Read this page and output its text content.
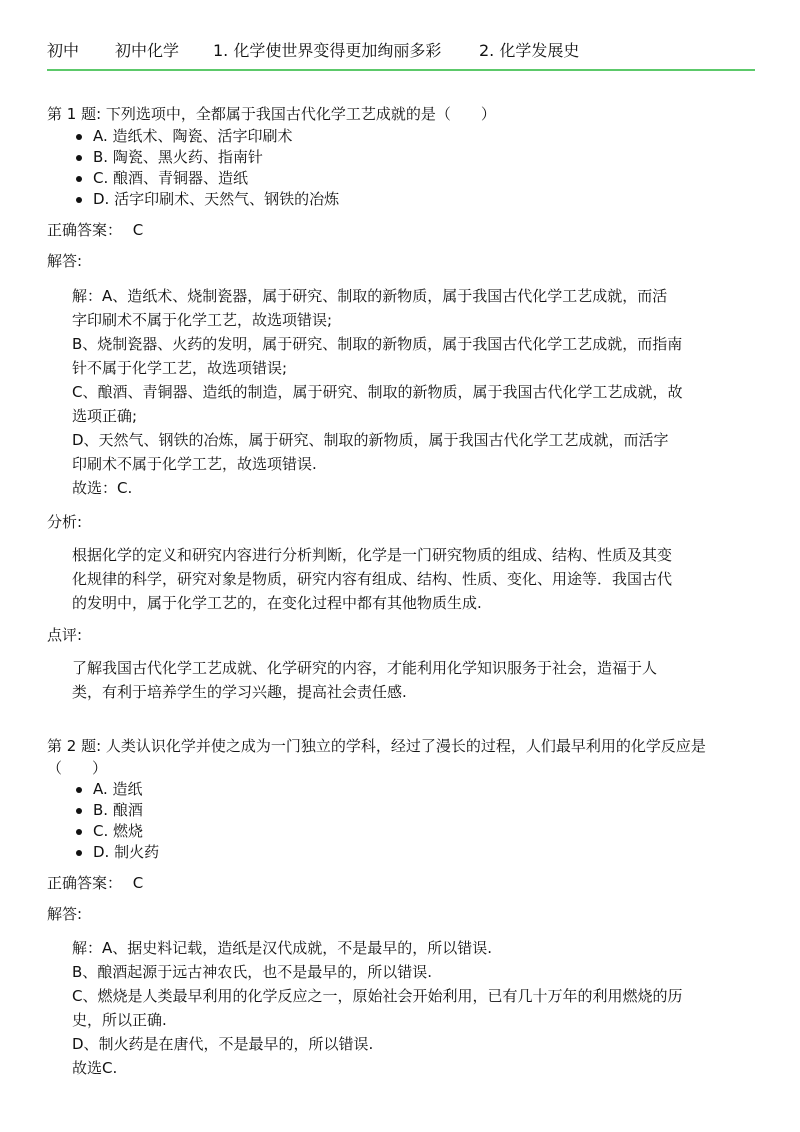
初中 初中化学 1. 化学使世界变得更加绚丽多彩 2. 化学发展史
第 1 题: 下列选项中，全都属于我国古代化学工艺成就的是（　　）
A. 造纸术、陶瓷、活字印刷术
B. 陶瓷、黑火药、指南针
C. 酿酒、青铜器、造纸
D. 活字印刷术、天然气、钢铁的冶炼
正确答案： C
解答:

解：A、造纸术、烧制瓷器，属于研究、制取的新物质，属于我国古代化学工艺成就，而活

字印刷术不属于化学工艺，故选项错误;

B、烧制瓷器、火药的发明，属于研究、制取的新物质，属于我国古代化学工艺成就，而指南

针不属于化学工艺，故选项错误;

C、酿酒、青铜器、造纸的制造，属于研究、制取的新物质，属于我国古代化学工艺成就，故

选项正确;

D、天然气、钢铁的冶炼，属于研究、制取的新物质，属于我国古代化学工艺成就，而活字

印刷术不属于化学工艺，故选项错误.

故选：C.

分析:

根据化学的定义和研究内容进行分析判断，化学是一门研究物质的组成、结构、性质及其变

化规律的科学，研究对象是物质，研究内容有组成、结构、性质、变化、用途等．我国古代

的发明中，属于化学工艺的，在变化过程中都有其他物质生成.

点评:

了解我国古代化学工艺成就、化学研究的内容，才能利用化学知识服务于社会，造福于人

类，有利于培养学生的学习兴趣，提高社会责任感.

第 2 题: 人类认识化学并使之成为一门独立的学科，经过了漫长的过程，人们最早利用的化学反应是
（　　）
A. 造纸
B. 酿酒
C. 燃烧
D. 制火药
正确答案： C
解答:

解：A、据史料记载，造纸是汉代成就，不是最早的，所以错误.

B、酿酒起源于远古神农氏，也不是最早的，所以错误.

C、燃烧是人类最早利用的化学反应之一，原始社会开始利用，已有几十万年的利用燃烧的历

史，所以正确.

D、制火药是在唐代，不是最早的，所以错误.

故选C.
